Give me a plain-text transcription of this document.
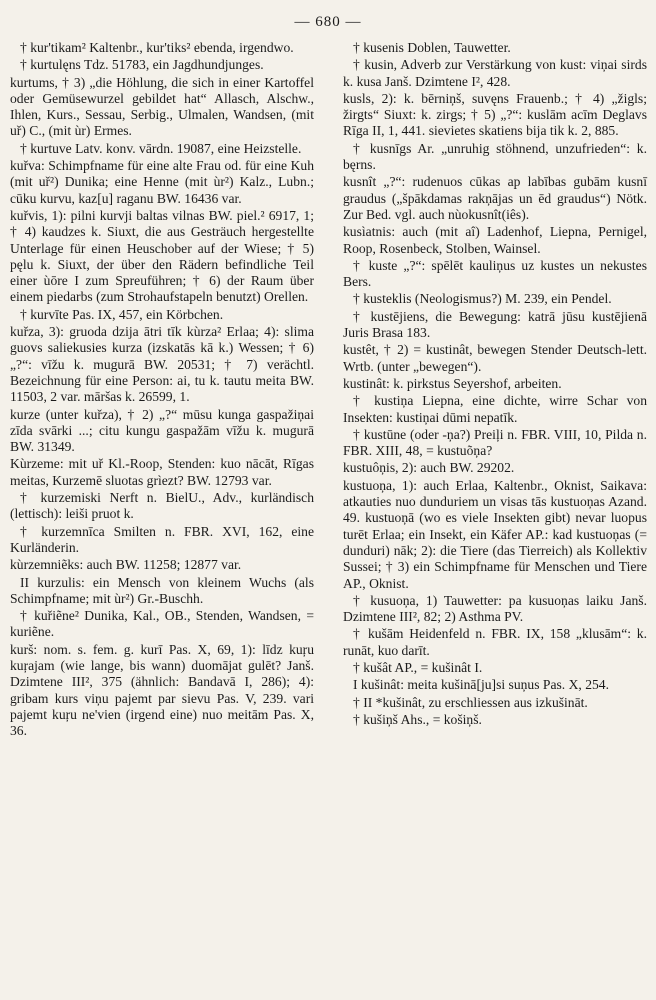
— 680 —
† kur'tikam² Kaltenbr., kur'tiks² ebenda, irgendwo.
† kurtulęns Tdz. 51783, ein Jagdhundjunges.
kurtums, † 3) „die Höhlung, die sich in einer Kartoffel oder Gemüsewurzel gebildet hat“ Allasch, Alschw., Ihlen, Kurs., Sessau, Serbig., Ulmalen, Wandsen, (mit uř) C., (mit ùr) Ermes.
† kurtuve Latv. konv. vārdn. 19087, eine Heizstelle.
kuřva: Schimpfname für eine alte Frau od. für eine Kuh (mit uř²) Dunika; eine Henne (mit ùr²) Kalz., Lubn.; cūku kurvu, kaz[u] raganu BW. 16436 var.
kuřvis, 1): pilni kurvji baltas vilnas BW. piel.² 6917, 1; † 4) kaudzes k. Siuxt, die aus Gesträuch hergestellte Unterlage für einen Heuschober auf der Wiese; † 5) pęlu k. Siuxt, der über den Rädern befindliche Teil einer ùōre I zum Spreuführen; † 6) der Raum über einem piedarbs (zum Strohaufstapeln benutzt) Orellen.
† kurvīte Pas. IX, 457, ein Körbchen.
kuřza, 3): gruoda dzija ātri tīk kùrza² Erlaa; 4): slima guovs saliekusies kurza (izskatās kā k.) Wessen; † 6) „?“: vīžu k. mugurā BW. 20531; † 7) verächtl. Bezeichnung für eine Person: ai, tu k. tautu meita BW. 11503, 2 var. māršas k. 26599, 1.
kurze (unter kuřza), † 2) „?“ mūsu kunga gaspažiņai zīda svārki ...; citu kungu gaspažām vīžu k. mugurā BW. 31349.
Kùrzeme: mit uř Kl.-Roop, Stenden: kuo nācāt, Rīgas meitas, Kurzemē sluotas grìezt? BW. 12793 var.
† kurzemiski Nerft n. BielU., Adv., kurländisch (lettisch): leiši pruot k.
† kurzemnīca Smilten n. FBR. XVI, 162, eine Kurländerin.
kùrzemniẽks: auch BW. 11258; 12877 var.
II kurzulis: ein Mensch von kleinem Wuchs (als Schimpfname; mit ùr²) Gr.-Buschh.
† kuřiẽne² Dunika, Kal., OB., Stenden, Wandsen, = kuriẽne.
kurš: nom. s. fem. g. kurī Pas. X, 69, 1): līdz kuŗu kuŗajam (wie lange, bis wann) duomājat gulēt? Janš. Dzimtene III², 375 (ähnlich: Bandavā I, 286); 4): gribam kurs viņu pajemt par sievu Pas. V, 239. vari pajemt kuŗu ne'vien (irgend eine) nuo meitām Pas. X, 36.
† kusenis Doblen, Tauwetter.
† kusin, Adverb zur Verstärkung von kust: viņai sirds k. kusa Janš. Dzimtene I², 428.
kusls, 2): k. bērniņš, suvęns Frauenb.; † 4) „žigls; žirgts“ Siuxt: k. zirgs; † 5) „?“: kuslām acīm Deglavs Rīga II, 1, 441. sievietes skatiens bija tik k. 2, 885.
† kusnīgs Ar. „unruhig stöhnend, unzufrieden“: k. bęrns.
kusnît „?“: rudenuos cūkas ap labības gubām kusnī graudus („špākdamas rakņājas un ēd graudus“) Nötk. Zur Bed. vgl. auch nùokusnît(iês).
kusìatnis: auch (mit aî) Ladenhof, Liepna, Pernigel, Roop, Rosenbeck, Stolben, Wainsel.
† kuste „?“: spēlēt kauliņus uz kustes un nekustes Bers.
† kusteklis (Neologismus?) M. 239, ein Pendel.
† kustējiens, die Bewegung: katrā jūsu kustējienā Juris Brasa 183.
kustêt, † 2) = kustinât, bewegen Stender Deutsch-lett. Wrtb. (unter „bewegen“).
kustinât: k. pirkstus Seyershof, arbeiten.
† kustiņa Liepna, eine dichte, wirre Schar von Insekten: kustiņai dūmi nepatīk.
† kustūne (oder -ņa?) Preiļi n. FBR. VIII, 10, Pilda n. FBR. XIII, 48, = kustuõņa?
kustuôņis, 2): auch BW. 29202.
kustuoņa, 1): auch Erlaa, Kaltenbr., Oknist, Saikava: atkauties nuo dunduriem un visas tās kustuoņas Azand. 49. kustuoņā (wo es viele Insekten gibt) nevar luopus turēt Erlaa; ein Insekt, ein Käfer AP.: kad kustuoņas (= dunduri) nāk; 2): die Tiere (das Tierreich) als Kollektiv Sussei; † 3) ein Schimpfname für Menschen und Tiere AP., Oknist.
† kusuoņa, 1) Tauwetter: pa kusuoņas laiku Janš. Dzimtene III², 82; 2) Asthma PV.
† kušām Heidenfeld n. FBR. IX, 158 „klusām“: k. runāt, kuo darīt.
† kušât AP., = kušinât I.
I kušinât: meita kušinā[ju]si suņus Pas. X, 254.
† II *kušinât, zu erschliessen aus izkušināt.
† kušiņš Ahs., = košiņš.
